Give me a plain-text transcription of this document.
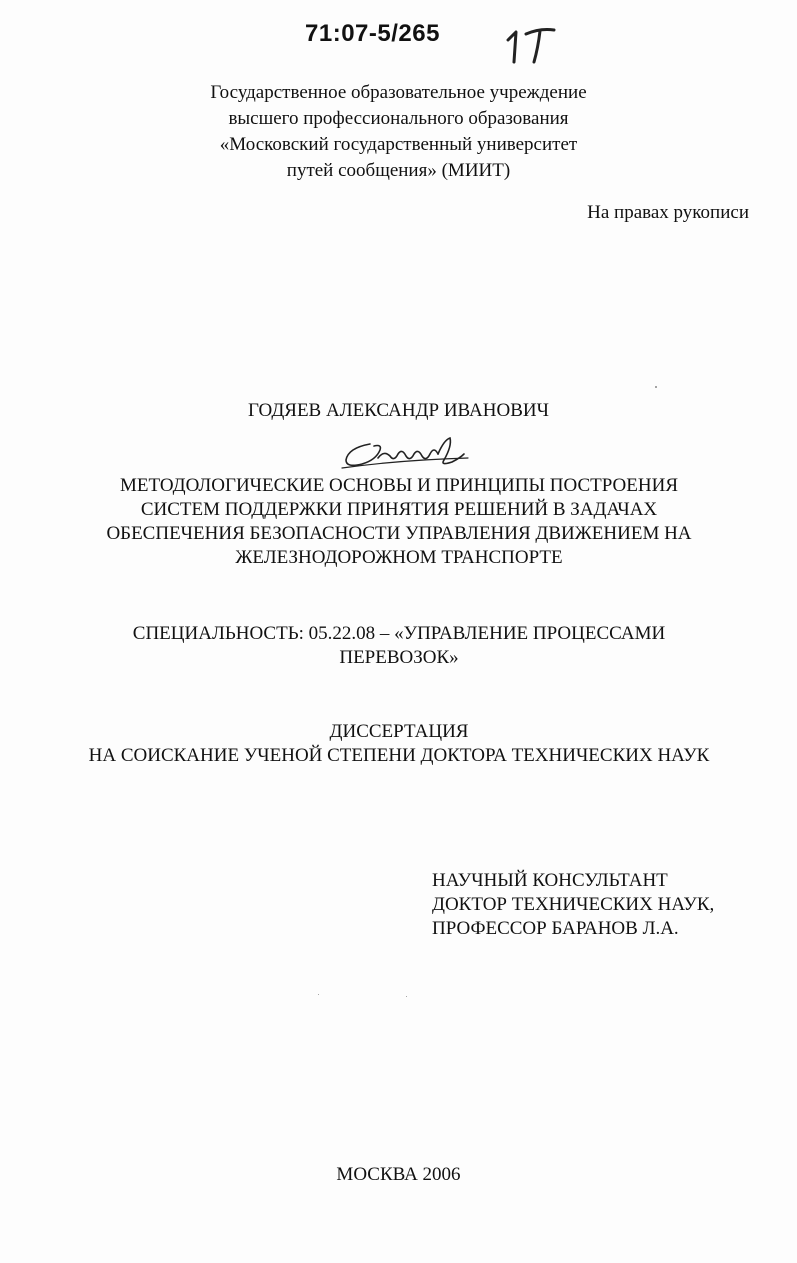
71:07-5/265
Государственное образовательное учреждение
высшего профессионального образования
«Московский государственный университет
путей сообщения» (МИИТ)
На правах рукописи
ГОДЯЕВ АЛЕКСАНДР ИВАНОВИЧ
МЕТОДОЛОГИЧЕСКИЕ ОСНОВЫ И ПРИНЦИПЫ ПОСТРОЕНИЯ
СИСТЕМ ПОДДЕРЖКИ ПРИНЯТИЯ РЕШЕНИЙ В ЗАДАЧАХ
ОБЕСПЕЧЕНИЯ БЕЗОПАСНОСТИ УПРАВЛЕНИЯ ДВИЖЕНИЕМ НА
ЖЕЛЕЗНОДОРОЖНОМ ТРАНСПОРТЕ
СПЕЦИАЛЬНОСТЬ: 05.22.08 – «УПРАВЛЕНИЕ ПРОЦЕССАМИ
ПЕРЕВОЗОК»
ДИССЕРТАЦИЯ
НА СОИСКАНИЕ УЧЕНОЙ СТЕПЕНИ ДОКТОРА ТЕХНИЧЕСКИХ НАУК
НАУЧНЫЙ КОНСУЛЬТАНТ
ДОКТОР ТЕХНИЧЕСКИХ НАУК,
ПРОФЕССОР БАРАНОВ Л.А.
МОСКВА 2006
